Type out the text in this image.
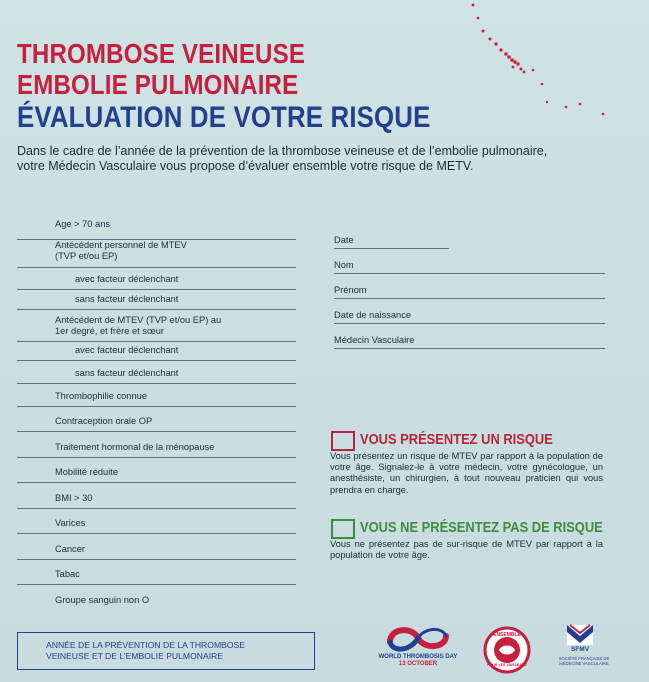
THROMBOSE VEINEUSE
EMBOLIE PULMONAIRE
ÉVALUATION DE VOTRE RISQUE
Dans le cadre de l’année de la prévention de la thrombose veineuse et de l’embolie pulmonaire, votre Médecin Vasculaire vous propose d’évaluer ensemble votre risque de METV.
Age > 70 ans
Antécédent personnel de MTEV (TVP et/ou EP)
avec facteur déclenchant
sans facteur déclenchant
Antécédent de MTEV (TVP et/ou EP) au 1er degré, et frère et sœur
avec facteur déclenchant
sans facteur déclenchant
Thrombophilie connue
Contraception orale OP
Traitement hormonal de la ménopause
Mobilité réduite
BMI > 30
Varices
Cancer
Tabac
Groupe sanguin non O
Date
Nom
Prénom
Date de naissance
Médecin Vasculaire
VOUS PRÉSENTEZ UN RISQUE
Vous présentez un risque de MTEV par rapport à la population de votre âge. Signalez-le à votre médecin, votre gynécologue, un anesthésiste, un chirurgien, à tout nouveau praticien qui vous prendra en charge.
VOUS NE PRÉSENTEZ PAS DE RISQUE
Vous ne présentez pas de sur-risque de MTEV par rapport à la population de votre âge.
ANNÉE DE LA PRÉVENTION DE LA THROMBOSE
VEINEUSE ET DE L’EMBOLIE PULMONAIRE	WORLD THROMBOSIS DAY
13 OCTOBER
ENSEMBLE
POUR LES VAISSEAUX
SFMV
SOCIÉTÉ FRANÇAISE DE MÉDECINE VASCULAIRE
